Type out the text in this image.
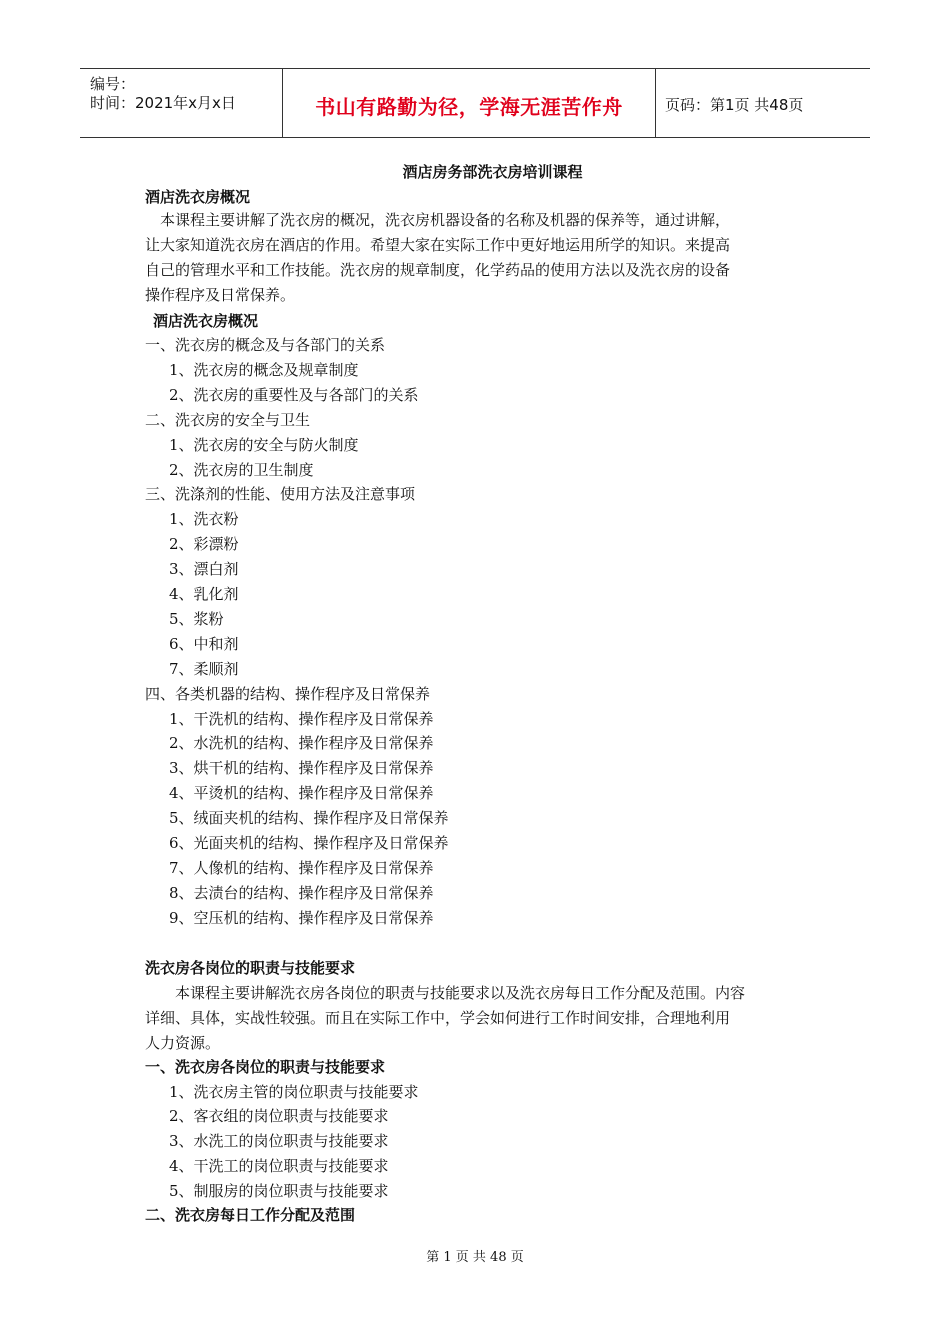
编号：
时间：2021年x月x日	书山有路勤为径，学海无涯苦作舟	页码：第1页 共48页
酒店房务部洗衣房培训课程
酒店洗衣房概况

　本课程主要讲解了洗衣房的概况，洗衣房机器设备的名称及机器的保养等，通过讲解，

让大家知道洗衣房在酒店的作用。希望大家在实际工作中更好地运用所学的知识。来提高

自己的管理水平和工作技能。洗衣房的规章制度，化学药品的使用方法以及洗衣房的设备

操作程序及日常保养。

酒店洗衣房概况
一、洗衣房的概念及与各部门的关系
1、洗衣房的概念及规章制度
2、洗衣房的重要性及与各部门的关系
二、洗衣房的安全与卫生
1、洗衣房的安全与防火制度
2、洗衣房的卫生制度
三、洗涤剂的性能、使用方法及注意事项
1、洗衣粉
2、彩漂粉
3、漂白剂
4、乳化剂
5、浆粉
6、中和剂
7、柔顺剂
四、各类机器的结构、操作程序及日常保养
1、干洗机的结构、操作程序及日常保养
2、水洗机的结构、操作程序及日常保养
3、烘干机的结构、操作程序及日常保养
4、平烫机的结构、操作程序及日常保养
5、绒面夹机的结构、操作程序及日常保养
6、光面夹机的结构、操作程序及日常保养
7、人像机的结构、操作程序及日常保养
8、去渍台的结构、操作程序及日常保养
9、空压机的结构、操作程序及日常保养
洗衣房各岗位的职责与技能要求

　　本课程主要讲解洗衣房各岗位的职责与技能要求以及洗衣房每日工作分配及范围。内容

详细、具体，实战性较强。而且在实际工作中，学会如何进行工作时间安排，合理地利用

人力资源。

一、洗衣房各岗位的职责与技能要求
1、洗衣房主管的岗位职责与技能要求
2、客衣组的岗位职责与技能要求
3、水洗工的岗位职责与技能要求
4、干洗工的岗位职责与技能要求
5、制服房的岗位职责与技能要求
二、洗衣房每日工作分配及范围
第 1 页 共 48 页
